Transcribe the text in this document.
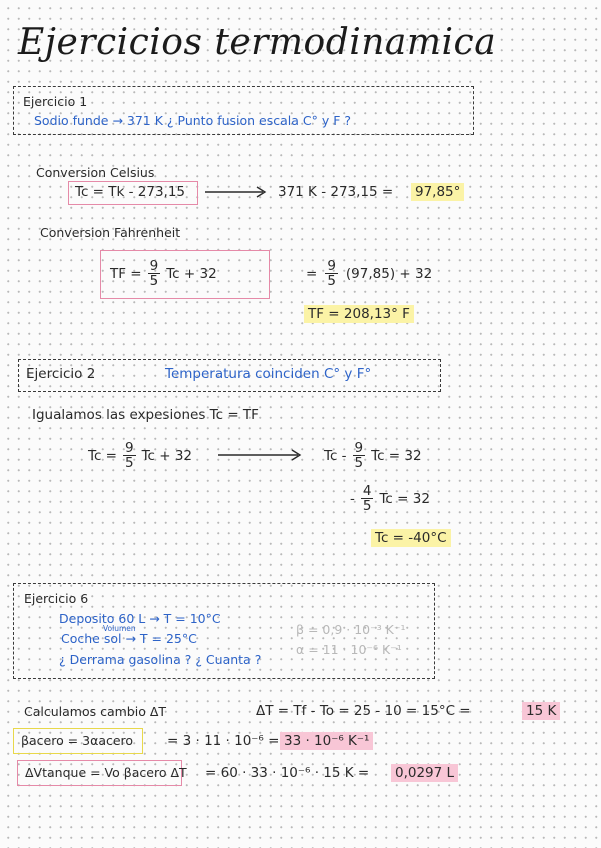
Ejercicios termodinamica
Ejercicio 1
Sodio funde → 371 K ¿ Punto fusion escala C° y F ?
Conversion Celsius
Tc = Tk - 273,15	371 K - 273,15 = 97,85°
Conversion Fahrenheit
TF = $\frac{9}{5}$ Tc + 32	= $\frac{9}{5} (97,85) + 32$
TF = 208,13° F
Ejercicio 2	Temperatura coinciden C° y F°
Igualamos las expesiones Tc = TF
$Tc = \frac{9}{5}$ Tc + 32	Tc - $\frac{9}{5}$ Tc = 32
- $\frac{4}{5}$ Tc = 32
Tc = -40°C
Ejercicio 6
Deposito 60 L → T = 10°C
Volumen
Coche sol → T = 25°C
¿ Derrama gasolina ? ¿ Cuanta ?
β = 0,9 · 10⁻³ K⁻¹
α = 11 · 10⁻⁶ K⁻¹
Calculamos cambio ΔT	ΔT = Tf - To = 25 - 10 = 15°C =	15 K
βacero = 3αacero	= 3 · 11 · 10⁻⁶ = 33 · 10⁻⁶ K⁻¹
ΔVtanque = Vo βacero ΔT = 60 · 33 · 10⁻⁶ · 15 K = 0,0297 L
